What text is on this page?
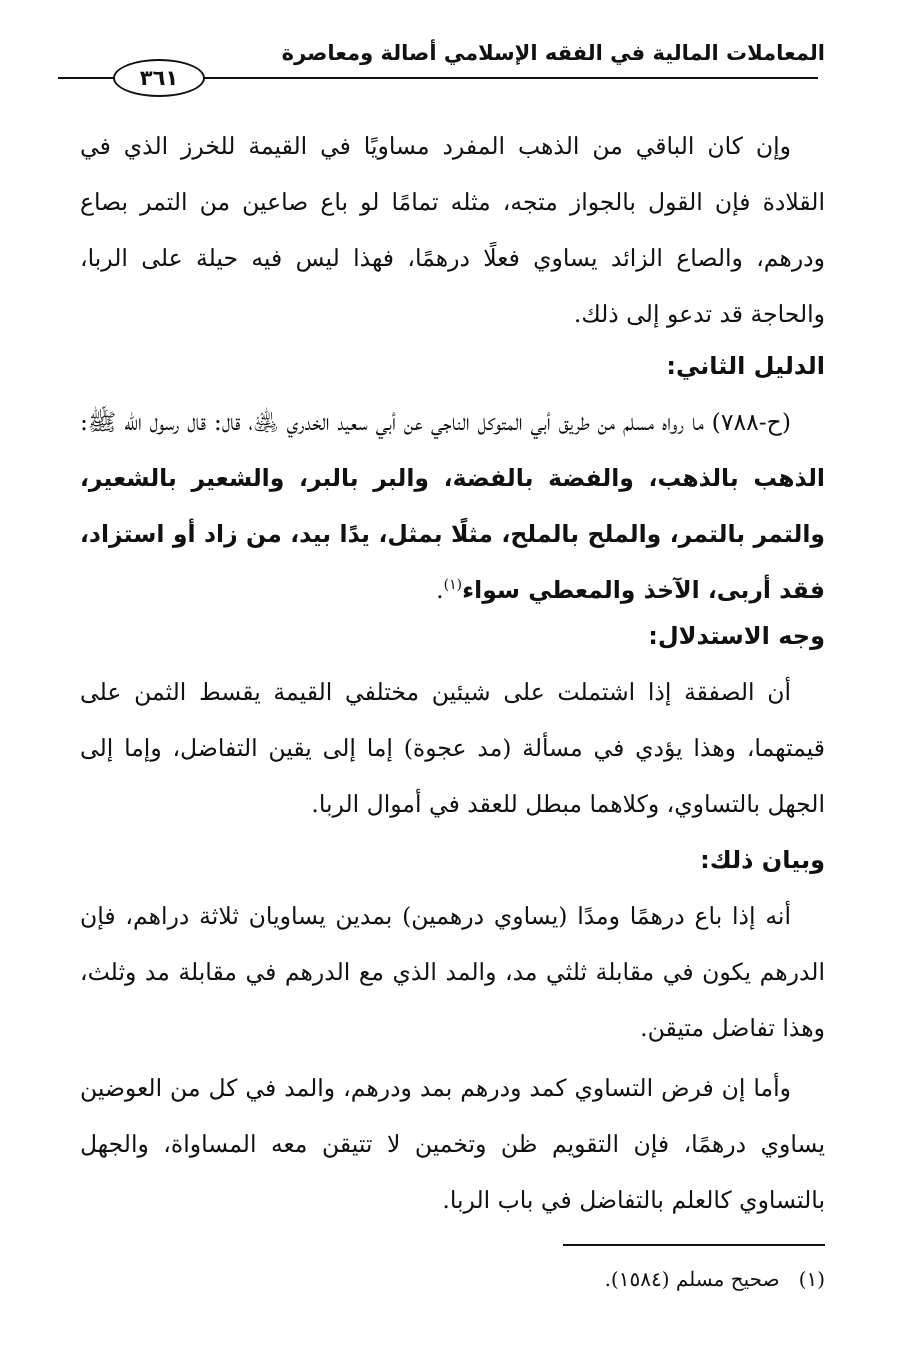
المعاملات المالية في الفقه الإسلامي أصالة ومعاصرة
٣٦١
وإن كان الباقي من الذهب المفرد مساويًا في القيمة للخرز الذي في القلادة فإن القول بالجواز متجه، مثله تمامًا لو باع صاعين من التمر بصاع ودرهم، والصاع الزائد يساوي فعلًا درهمًا، فهذا ليس فيه حيلة على الربا، والحاجة قد تدعو إلى ذلك.
الدليل الثاني:
(ح-٧٨٨) ما رواه مسلم من طريق أبي المتوكل الناجي عن أبي سعيد الخدري ﵁، قال: قال رسول الله ﷺ: الذهب بالذهب، والفضة بالفضة، والبر بالبر، والشعير بالشعير، والتمر بالتمر، والملح بالملح، مثلًا بمثل، يدًا بيد، من زاد أو استزاد، فقد أربى، الآخذ والمعطي سواء$^{(١)}$.
وجه الاستدلال:
أن الصفقة إذا اشتملت على شيئين مختلفي القيمة يقسط الثمن على قيمتهما، وهذا يؤدي في مسألة (مد عجوة) إما إلى يقين التفاضل، وإما إلى الجهل بالتساوي، وكلاهما مبطل للعقد في أموال الربا.
وبيان ذلك:
أنه إذا باع درهمًا ومدًا (يساوي درهمين) بمدين يساويان ثلاثة دراهم، فإن الدرهم يكون في مقابلة ثلثي مد، والمد الذي مع الدرهم في مقابلة مد وثلث، وهذا تفاضل متيقن.
وأما إن فرض التساوي كمد ودرهم بمد ودرهم، والمد في كل من العوضين يساوي درهمًا، فإن التقويم ظن وتخمين لا تتيقن معه المساواة، والجهل بالتساوي كالعلم بالتفاضل في باب الربا.
(١)   صحيح مسلم (١٥٨٤).
